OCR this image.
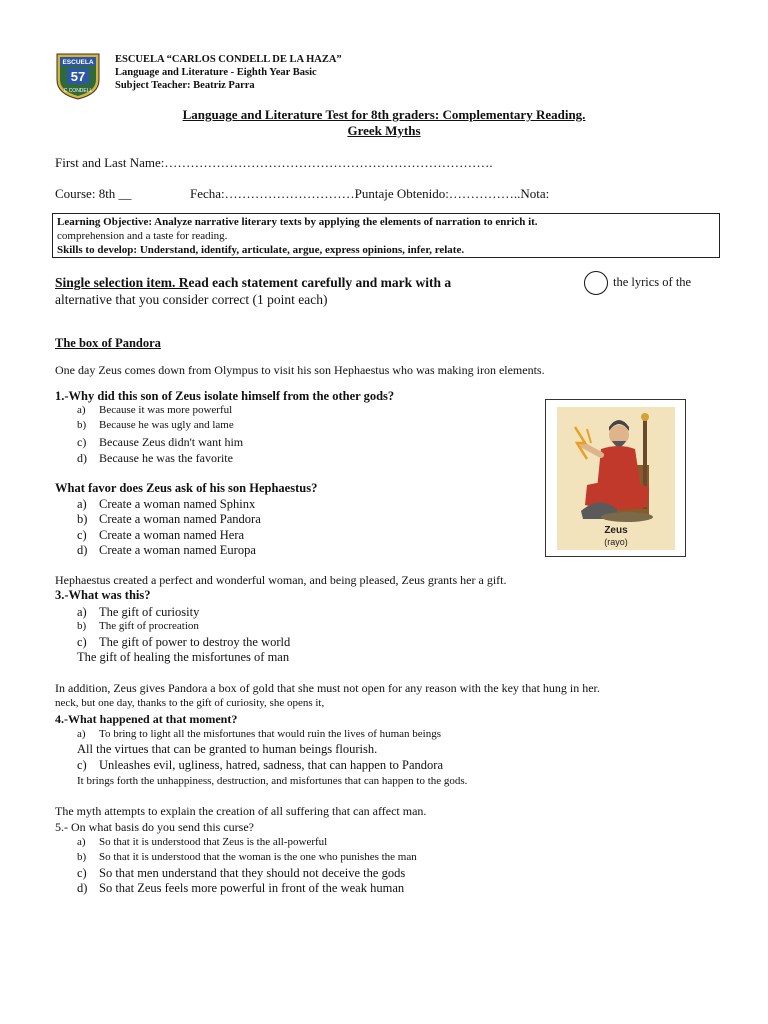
ESCUELA
57
C CONDELL
ESCUELA “CARLOS CONDELL DE LA HAZA”
Language and Literature - Eighth Year Basic
Subject Teacher: Beatriz Parra
Language and Literature Test for 8th graders: Complementary Reading.
Greek Myths
First and Last Name:………………………………………………………………….
Course: 8th __	Fecha:…………………………Puntaje Obtenido:……………..Nota:
Learning Objective: Analyze narrative literary texts by applying the elements of narration to enrich it.
comprehension and a taste for reading.
Skills to develop: Understand, identify, articulate, argue, express opinions, infer, relate.
Single selection item. Read each statement carefully and mark with a	the lyrics of the
alternative that you consider correct (1 point each)
The box of Pandora
One day Zeus comes down from Olympus to visit his son Hephaestus who was making iron elements.
1.-Why did this son of Zeus isolate himself from the other gods?
a) Because it was more powerful
b) Because he was ugly and lame
c) Because Zeus didn't want him
d) Because he was the favorite
What favor does Zeus ask of his son Hephaestus?
a) Create a woman named Sphinx
b) Create a woman named Pandora
c) Create a woman named Hera
d) Create a woman named Europa
Zeus
(rayo)
Hephaestus created a perfect and wonderful woman, and being pleased, Zeus grants her a gift.
3.-What was this?
a) The gift of curiosity
b) The gift of procreation
c) The gift of power to destroy the world
The gift of healing the misfortunes of man
In addition, Zeus gives Pandora a box of gold that she must not open for any reason with the key that hung in her.
neck, but one day, thanks to the gift of curiosity, she opens it,
4.-What happened at that moment?
a) To bring to light all the misfortunes that would ruin the lives of human beings
All the virtues that can be granted to human beings flourish.
c) Unleashes evil, ugliness, hatred, sadness, that can happen to Pandora
It brings forth the unhappiness, destruction, and misfortunes that can happen to the gods.
The myth attempts to explain the creation of all suffering that can affect man.
5.- On what basis do you send this curse?
a) So that it is understood that Zeus is the all-powerful
b) So that it is understood that the woman is the one who punishes the man
c) So that men understand that they should not deceive the gods
d) So that Zeus feels more powerful in front of the weak human
